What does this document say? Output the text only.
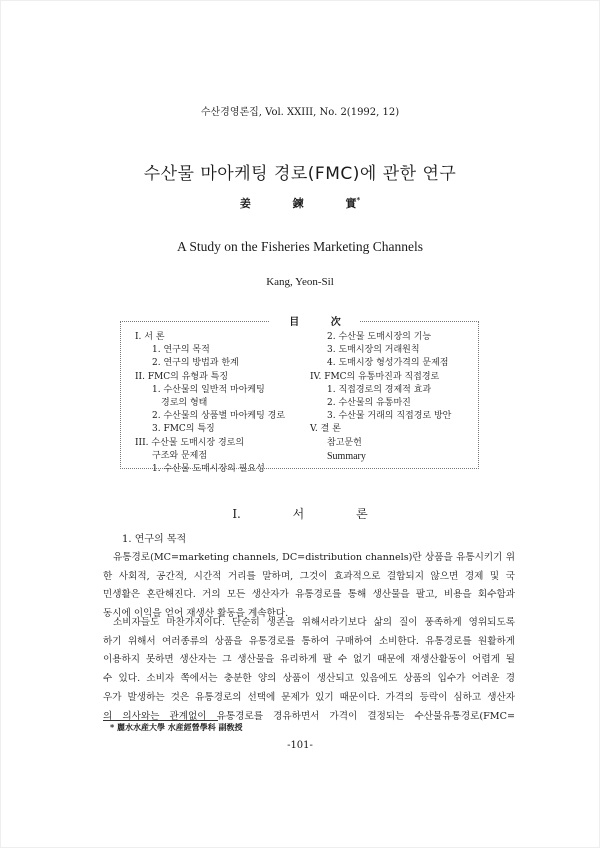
수산경영론집, Vol. XXIII, No. 2(1992, 12)
수산물 마아케팅 경로(FMC)에 관한 연구
姜 鍊 實*
A Study on the Fisheries Marketing Channels
Kang, Yeon-Sil
目 次
I. 서 론
1. 연구의 목적
2. 연구의 방법과 한계
II. FMC의 유형과 특징
1. 수산물의 일반적 마아케팅
경로의 형태
2. 수산물의 상품별 마아케팅 경로
3. FMC의 특징
III. 수산물 도매시장 경로의
구조와 문제점
1. 수산물 도매시장의 필요성
2. 수산물 도매시장의 기능
3. 도매시장의 거래원칙
4. 도매시장 형성가격의 문제점
IV. FMC의 유통마진과 직접경로
1. 직접경로의 경제적 효과
2. 수산물의 유통마진
3. 수산물 거래의 직접경로 방안
V. 결 론
참고문헌
Summary
I. 서 론
1. 연구의 목적
유통경로(MC=marketing channels, DC=distribution channels)란 상품을 유통시키기 위
한 사회적, 공간적, 시간적 거리를 말하며, 그것이 효과적으로 결합되지 않으면 경제 및 국
민생활은 혼란해진다. 거의 모든 생산자가 유통경로를 통해 생산물을 팔고, 비용을 회수함과
동시에 이익을 얻어 재생산 활동을 계속한다.
소비자들도 마찬가지이다. 단순히 생존을 위해서라기보다 삶의 질이 풍족하게 영위되도록
하기 위해서 여러종류의 상품을 유통경로를 통하여 구매하여 소비한다. 유통경로를 원활하게
이용하지 못하면 생산자는 그 생산물을 유리하게 팔 수 없기 때문에 재생산활동이 어렵게 될
수 있다. 소비자 쪽에서는 충분한 양의 상품이 생산되고 있음에도 상품의 입수가 어려운 경
우가 발생하는 것은 유통경로의 선택에 문제가 있기 때문이다. 가격의 등락이 심하고 생산자
의 의사와는 관계없이 유통경로를 경유하면서 가격이 결정되는 수산물유통경로(FMC=
* 麗水水産大學 水産經營學科 副敎授
-101-
